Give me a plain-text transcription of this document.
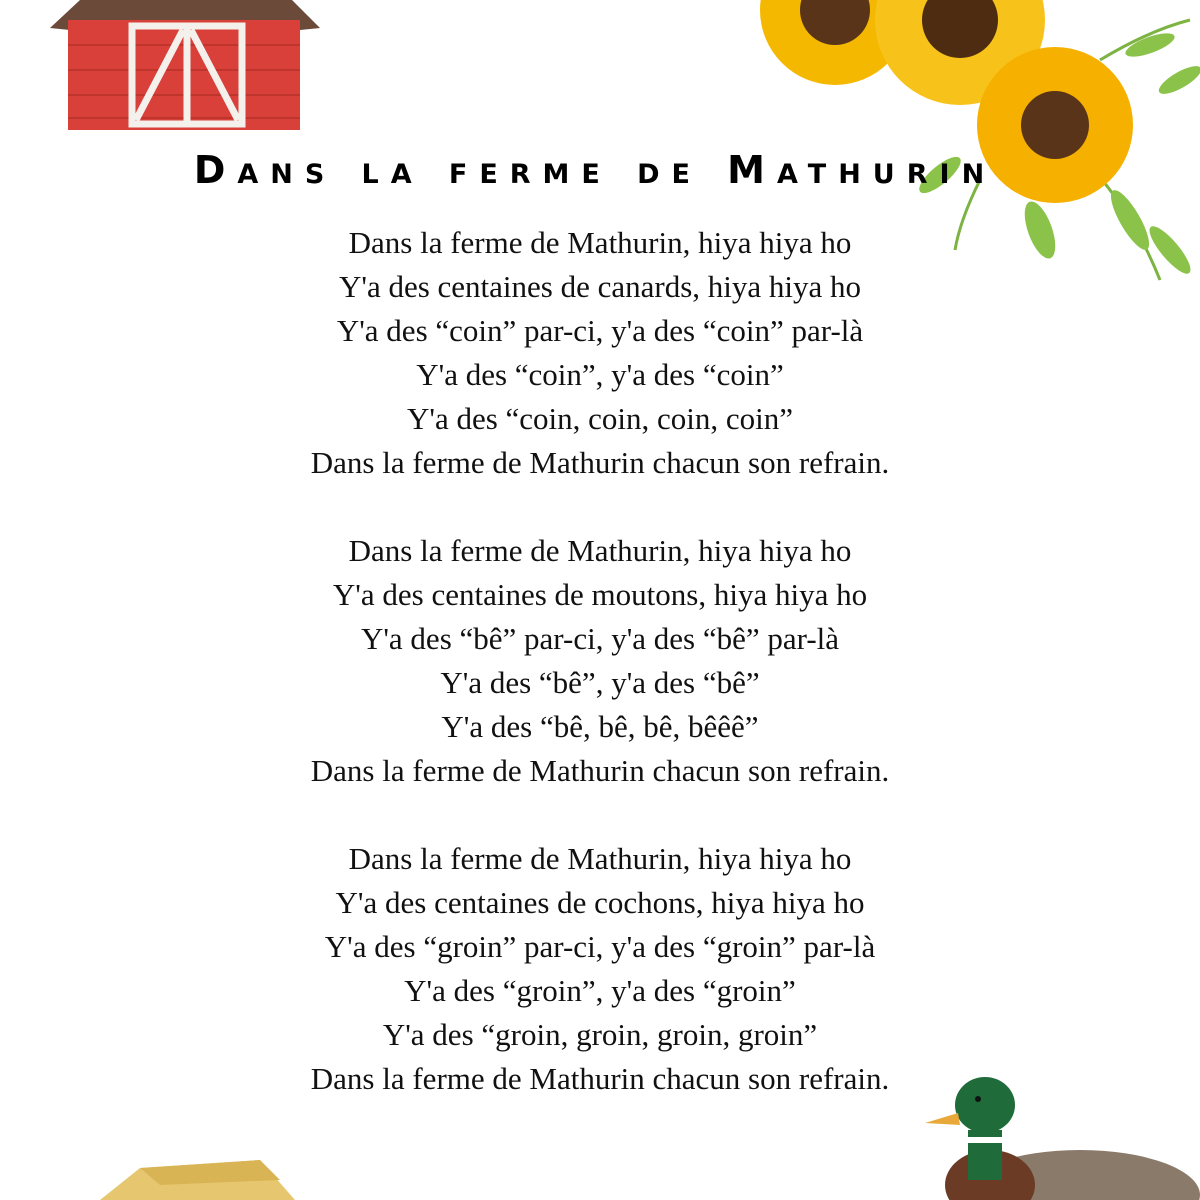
Dans la ferme de Mathurin
Dans la ferme de Mathurin, hiya hiya ho
Y'a des centaines de canards, hiya hiya ho
Y'a des “coin” par-ci, y'a des “coin” par-là
Y'a des “coin”, y'a des “coin”
Y'a des “coin, coin, coin, coin”
Dans la ferme de Mathurin chacun son refrain.
Dans la ferme de Mathurin, hiya hiya ho
Y'a des centaines de moutons, hiya hiya ho
Y'a des “bê” par-ci, y'a des “bê” par-là
Y'a des “bê”, y'a des “bê”
Y'a des “bê, bê, bê, bêêê”
Dans la ferme de Mathurin chacun son refrain.
Dans la ferme de Mathurin, hiya hiya ho
Y'a des centaines de cochons, hiya hiya ho
Y'a des “groin” par-ci, y'a des “groin” par-là
Y'a des “groin”, y'a des “groin”
Y'a des “groin, groin, groin, groin”
Dans la ferme de Mathurin chacun son refrain.
